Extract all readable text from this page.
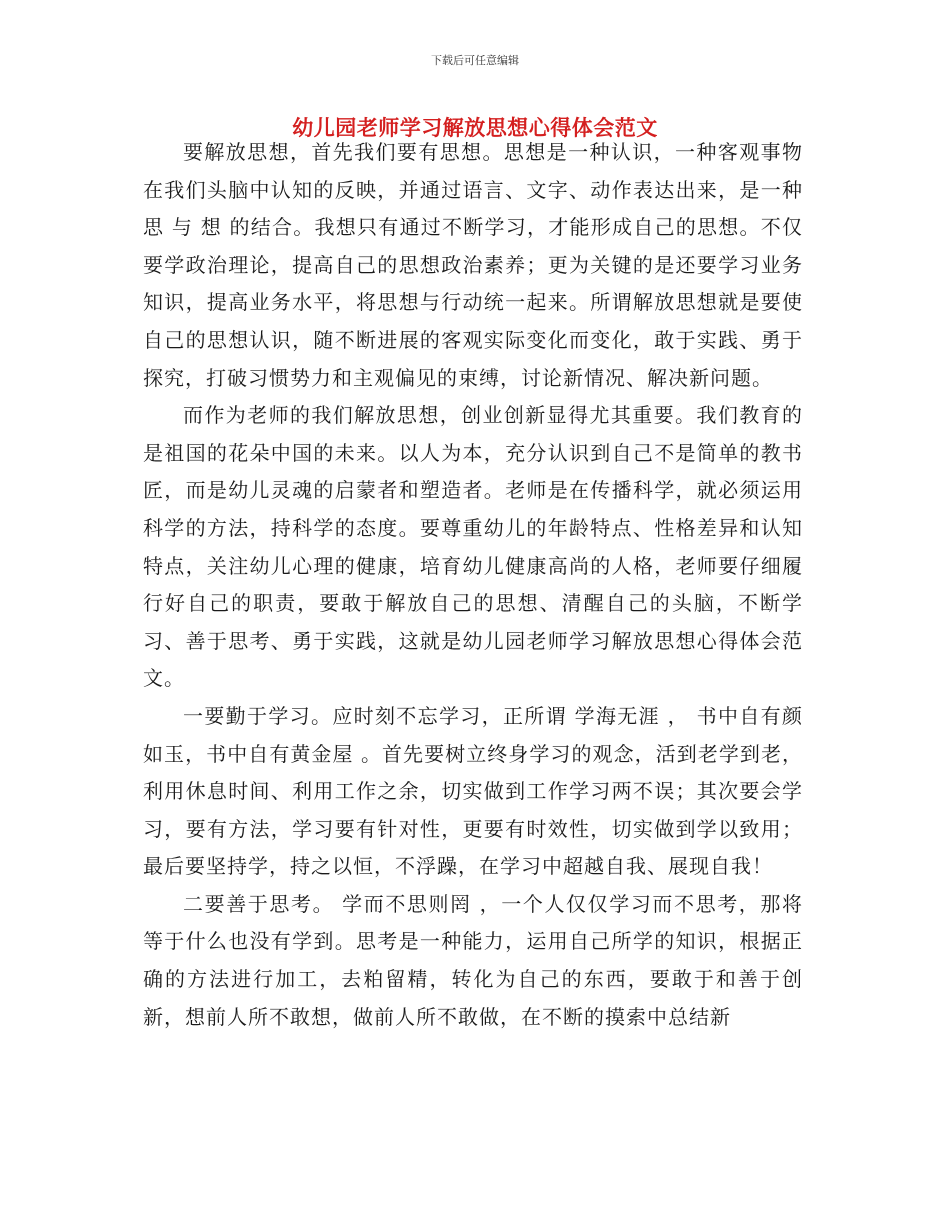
下载后可任意编辑
幼儿园老师学习解放思想心得体会范文

要解放思想，首先我们要有思想。思想是一种认识，一种客观事物在我们头脑中认知的反映，并通过语言、文字、动作表达出来，是一种 思 与 想 的结合。我想只有通过不断学习，才能形成自己的思想。不仅要学政治理论，提高自己的思想政治素养；更为关键的是还要学习业务知识，提高业务水平，将思想与行动统一起来。所谓解放思想就是要使自己的思想认识，随不断进展的客观实际变化而变化，敢于实践、勇于探究，打破习惯势力和主观偏见的束缚，讨论新情况、解决新问题。

而作为老师的我们解放思想，创业创新显得尤其重要。我们教育的是祖国的花朵中国的未来。以人为本，充分认识到自己不是简单的教书匠，而是幼儿灵魂的启蒙者和塑造者。老师是在传播科学，就必须运用科学的方法，持科学的态度。要尊重幼儿的年龄特点、性格差异和认知特点，关注幼儿心理的健康，培育幼儿健康高尚的人格，老师要仔细履行好自己的职责，要敢于解放自己的思想、清醒自己的头脑，不断学习、善于思考、勇于实践，这就是幼儿园老师学习解放思想心得体会范文。

一要勤于学习。应时刻不忘学习，正所谓 学海无涯 ， 书中自有颜如玉，书中自有黄金屋 。首先要树立终身学习的观念，活到老学到老，利用休息时间、利用工作之余，切实做到工作学习两不误；其次要会学习，要有方法，学习要有针对性，更要有时效性，切实做到学以致用；最后要坚持学，持之以恒，不浮躁，在学习中超越自我、展现自我！

二要善于思考。 学而不思则罔 ，一个人仅仅学习而不思考，那将等于什么也没有学到。思考是一种能力，运用自己所学的知识，根据正确的方法进行加工，去粕留精，转化为自己的东西，要敢于和善于创新，想前人所不敢想，做前人所不敢做，在不断的摸索中总结新
